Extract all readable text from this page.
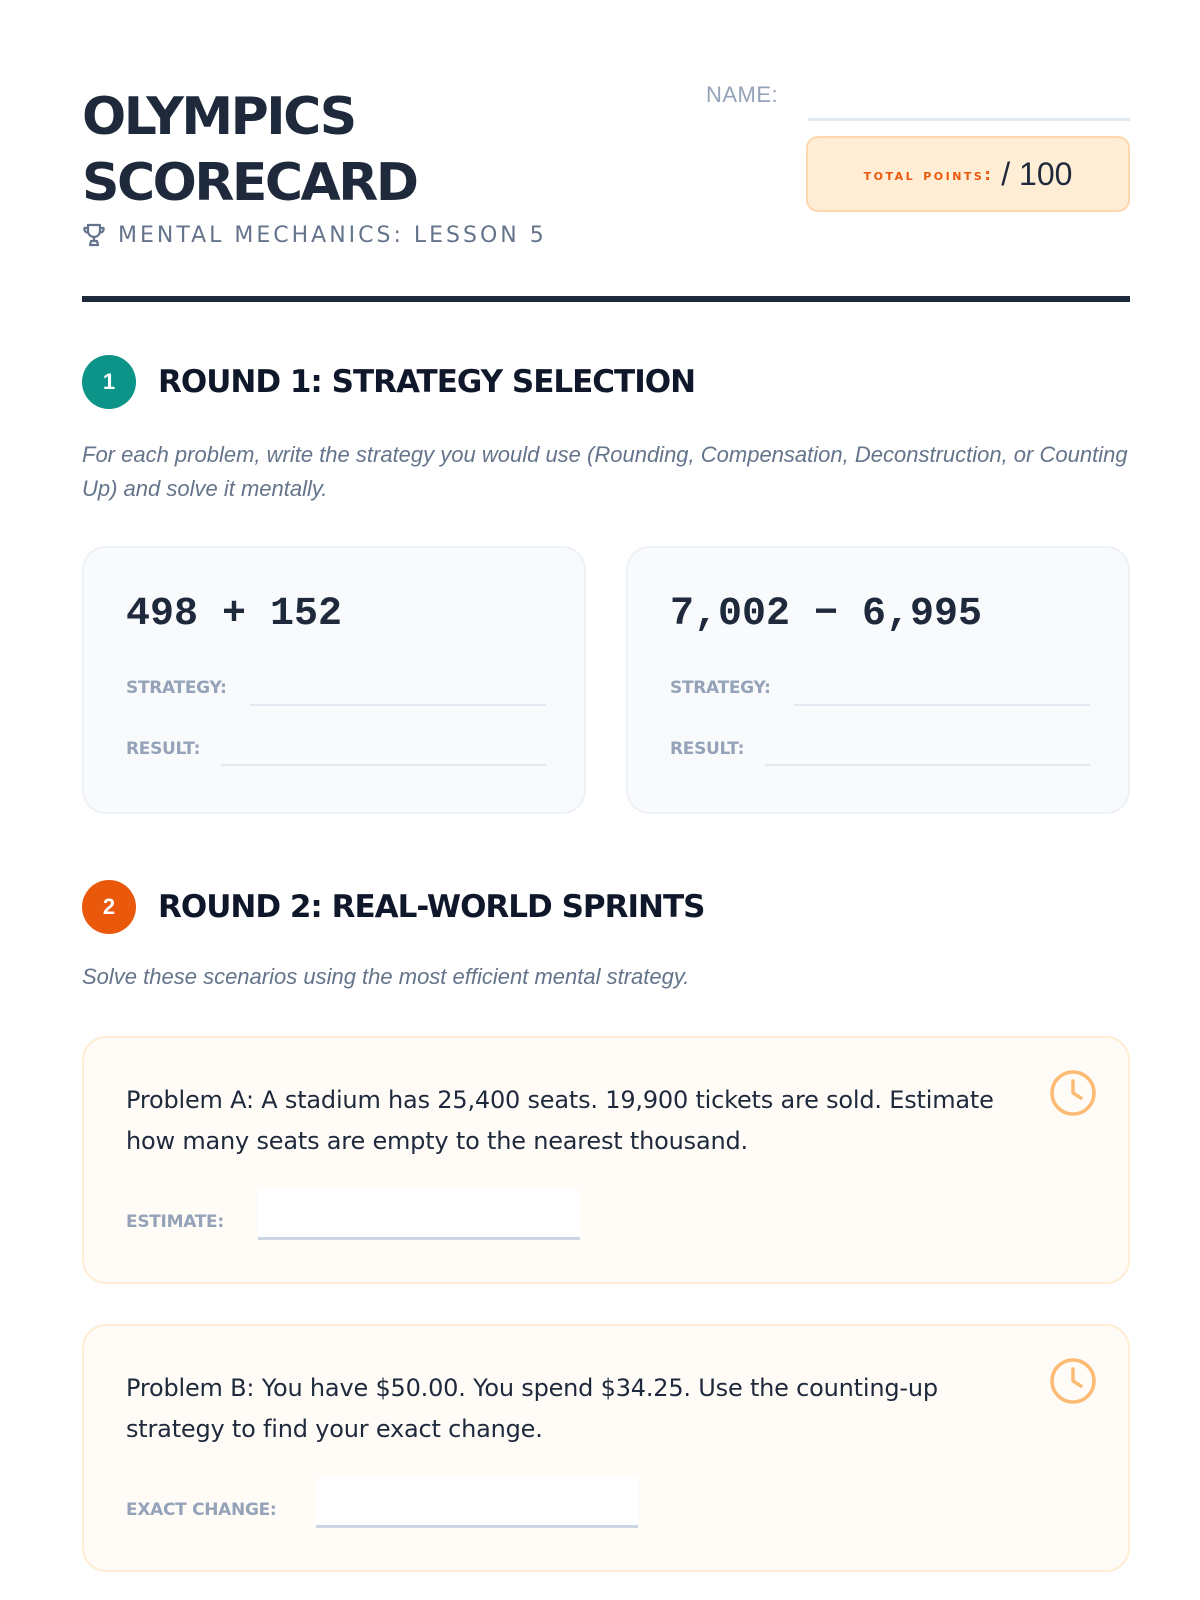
OLYMPICS
SCORECARD
MENTAL MECHANICS: LESSON 5
NAME:
total points: / 100
1	ROUND 1: STRATEGY SELECTION
For each problem, write the strategy you would use (Rounding, Compensation, Deconstruction, or Counting Up) and solve it mentally.
498 + 152
STRATEGY:
RESULT:
7,002 − 6,995
STRATEGY:
RESULT:
2	ROUND 2: REAL-WORLD SPRINTS
Solve these scenarios using the most efficient mental strategy.
Problem A: A stadium has 25,400 seats. 19,900 tickets are sold. Estimate how many seats are empty to the nearest thousand.
ESTIMATE:
Problem B: You have $50.00. You spend $34.25. Use the counting-up strategy to find your exact change.
EXACT CHANGE:
